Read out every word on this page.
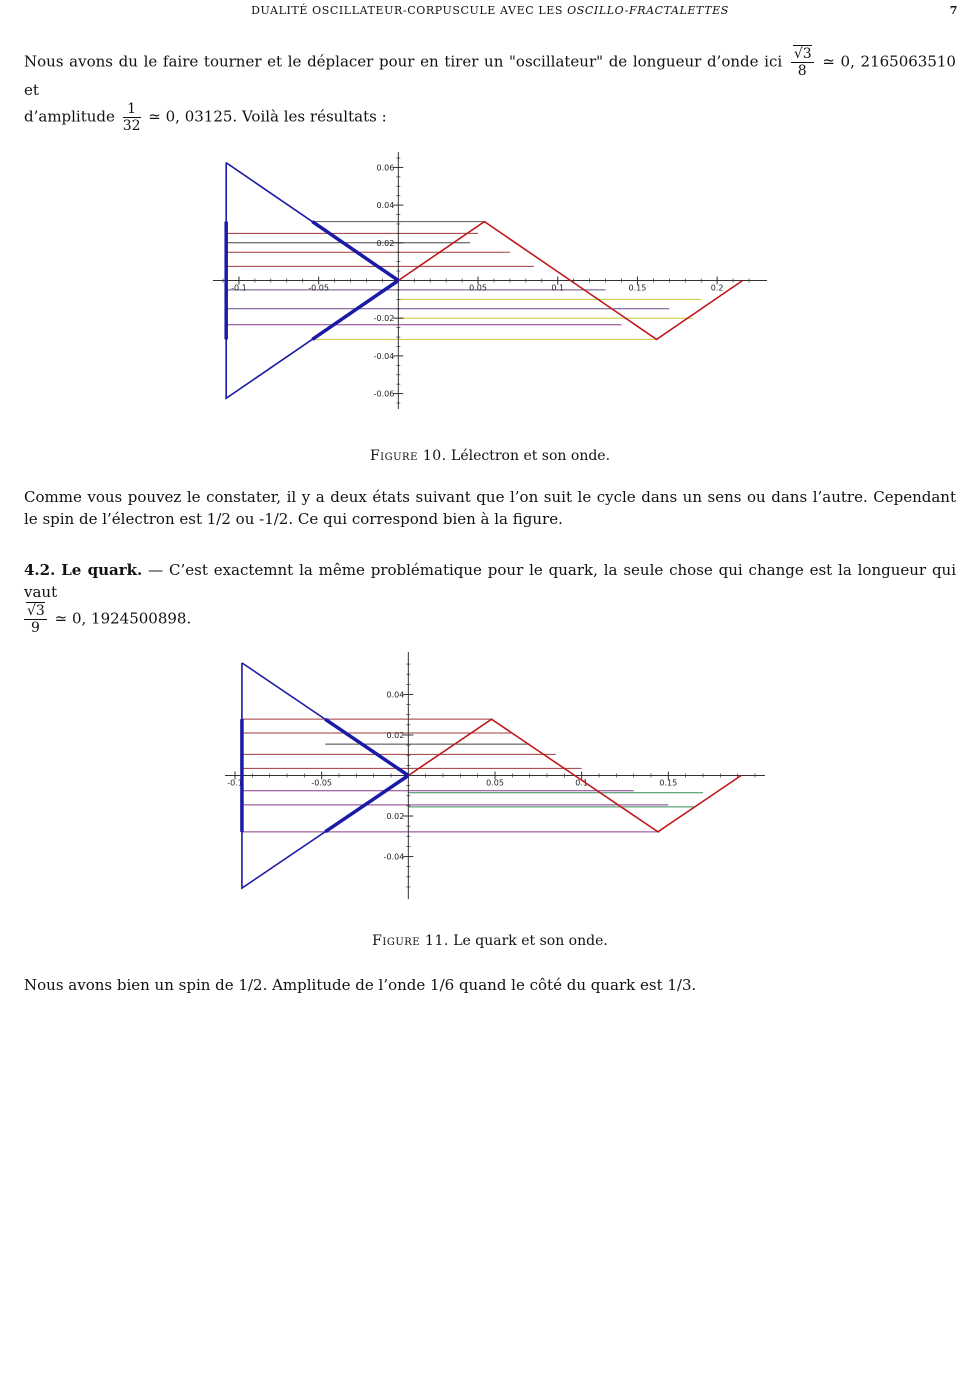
DUALITÉ OSCILLATEUR-CORPUSCULE AVEC LES OSCILLO-FRACTALETTES	7
Nous avons du le faire tourner et le déplacer pour en tirer un "oscillateur" de longueur d’onde ici $\frac{√3}{8}$ ≃ 0, 2165063510 et
d’amplitude $\frac{1}{32}$ ≃ 0, 03125. Voilà les résultats :
-0.1	-0.05	0.05	0.1	0.15	0.2
0.06
0.04
0.02
-0.02
-0.04
-0.06
Figure 10. Lélectron et son onde.
Comme vous pouvez le constater, il y a deux états suivant que l’on suit le cycle dans un sens ou dans l’autre. Cependant le spin de l’électron est 1/2 ou -1/2. Ce qui correspond bien à la figure.
4.2. Le quark. — C’est exactemnt la même problématique pour le quark, la seule chose qui change est la longueur qui vaut

$\frac{√3}{9}$ ≃ 0, 1924500898.
-0.1	-0.05	0.05	0.1	0.15
0.04
0.02
0.02
-0.04
Figure 11. Le quark et son onde.
Nous avons bien un spin de 1/2. Amplitude de l’onde 1/6 quand le côté du quark est 1/3.
